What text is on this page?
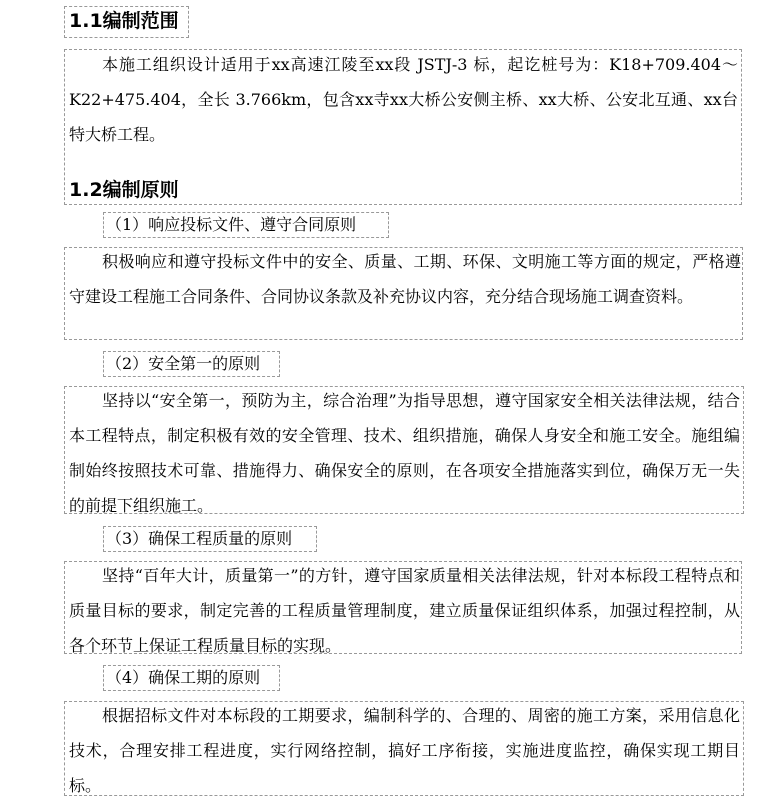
1.1编制范围

本施工组织设计适用于xx高速江陵至xx段 JSTJ-3 标，起讫桩号为：K18+709.404～K22+475.404，全长 3.766km，包含xx寺xx大桥公安侧主桥、xx大桥、公安北互通、xx台特大桥工程。

1.2编制原则
（1）响应投标文件、遵守合同原则

积极响应和遵守投标文件中的安全、质量、工期、环保、文明施工等方面的规定，严格遵守建设工程施工合同条件、合同协议条款及补充协议内容，充分结合现场施工调查资料。

（2）安全第一的原则

坚持以“安全第一，预防为主，综合治理”为指导思想，遵守国家安全相关法律法规，结合本工程特点，制定积极有效的安全管理、技术、组织措施，确保人身安全和施工安全。施组编制始终按照技术可靠、措施得力、确保安全的原则，在各项安全措施落实到位，确保万无一失的前提下组织施工。

（3）确保工程质量的原则

坚持“百年大计，质量第一”的方针，遵守国家质量相关法律法规，针对本标段工程特点和质量目标的要求，制定完善的工程质量管理制度，建立质量保证组织体系，加强过程控制，从各个环节上保证工程质量目标的实现。

（4）确保工期的原则

根据招标文件对本标段的工期要求，编制科学的、合理的、周密的施工方案，采用信息化技术，合理安排工程进度，实行网络控制，搞好工序衔接，实施进度监控，确保实现工期目标。
